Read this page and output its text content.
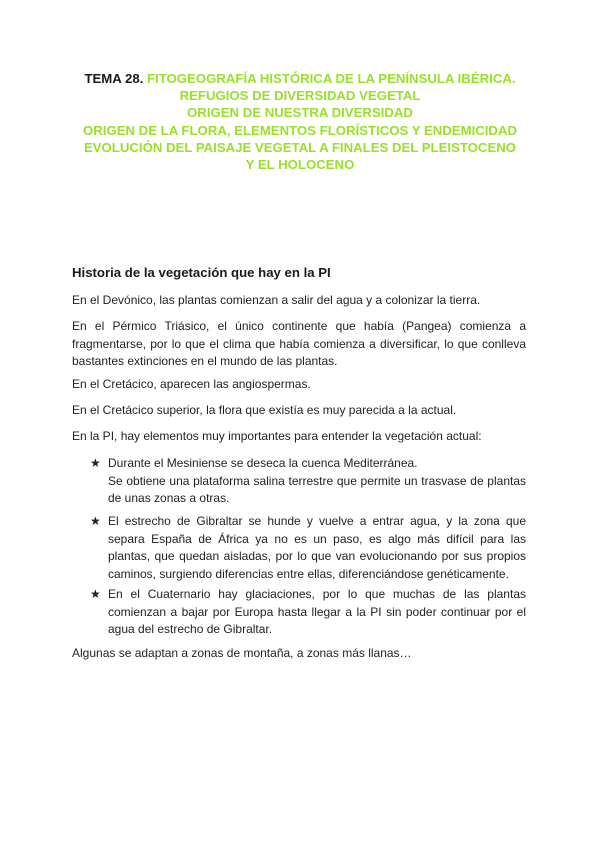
TEMA 28. FITOGEOGRAFÍA HISTÓRICA DE LA PENÍNSULA IBÉRICA.
REFUGIOS DE DIVERSIDAD VEGETAL
ORIGEN DE NUESTRA DIVERSIDAD
ORIGEN DE LA FLORA, ELEMENTOS FLORÍSTICOS Y ENDEMICIDAD
EVOLUCIÓN DEL PAISAJE VEGETAL A FINALES DEL PLEISTOCENO Y EL HOLOCENO
Historia de la vegetación que hay en la PI
En el Devónico, las plantas comienzan a salir del agua y a colonizar la tierra.
En el Pérmico Triásico, el único continente que había (Pangea) comienza a fragmentarse, por lo que el clima que había comienza a diversificar, lo que conlleva bastantes extinciones en el mundo de las plantas.
En el Cretácico, aparecen las angiospermas.
En el Cretácico superior, la flora que existía es muy parecida a la actual.
En la PI, hay elementos muy importantes para entender la vegetación actual:
★ Durante el Mesiniense se deseca la cuenca Mediterránea.
Se obtiene una plataforma salina terrestre que permite un trasvase de plantas de unas zonas a otras.
★ El estrecho de Gibraltar se hunde y vuelve a entrar agua, y la zona que separa España de África ya no es un paso, es algo más difícil para las plantas, que quedan aisladas, por lo que van evolucionando por sus propios caminos, surgiendo diferencias entre ellas, diferenciándose genéticamente.
★ En el Cuaternario hay glaciaciones, por lo que muchas de las plantas comienzan a bajar por Europa hasta llegar a la PI sin poder continuar por el agua del estrecho de Gibraltar.
Algunas se adaptan a zonas de montaña, a zonas más llanas…
